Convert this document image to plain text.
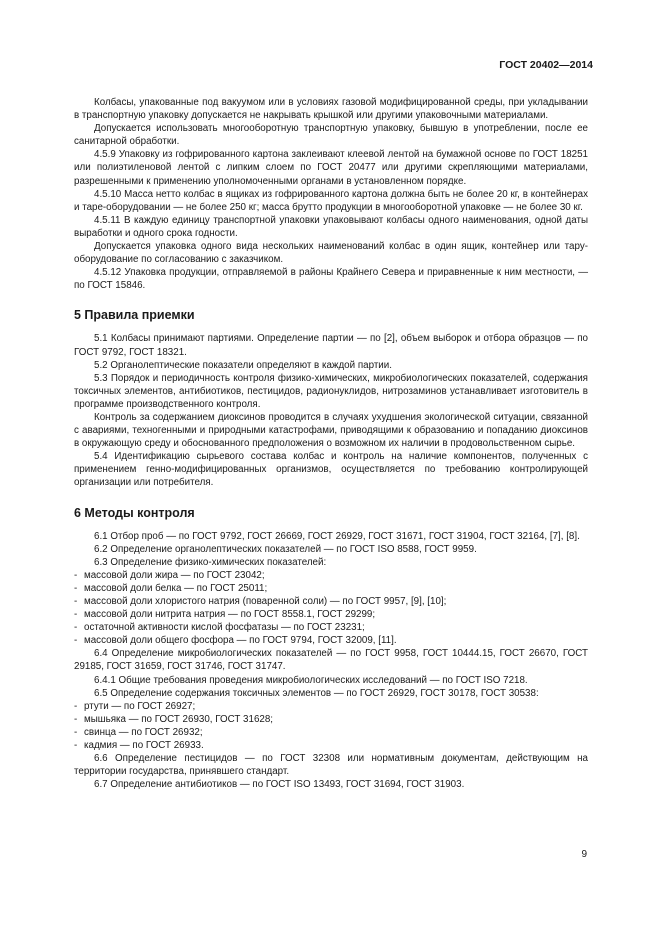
ГОСТ 20402—2014

Колбасы, упакованные под вакуумом или в условиях газовой модифицированной среды, при укладывании в транспортную упаковку допускается не накрывать крышкой или другими упаковочными материалами.

Допускается использовать многооборотную транспортную упаковку, бывшую в употреблении, после ее санитарной обработки.

4.5.9 Упаковку из гофрированного картона заклеивают клеевой лентой на бумажной основе по ГОСТ 18251 или полиэтиленовой лентой с липким слоем по ГОСТ 20477 или другими скрепляющими материалами, разрешенными к применению уполномоченными органами в установленном порядке.

4.5.10 Масса нетто колбас в ящиках из гофрированного картона должна быть не более 20 кг, в контейнерах и таре-оборудовании — не более 250 кг; масса брутто продукции в многооборотной упаковке — не более 30 кг.

4.5.11 В каждую единицу транспортной упаковки упаковывают колбасы одного наименования, одной даты выработки и одного срока годности.

Допускается упаковка одного вида нескольких наименований колбас в один ящик, контейнер или тару-оборудование по согласованию с заказчиком.

4.5.12 Упаковка продукции, отправляемой в районы Крайнего Севера и приравненные к ним местности, — по ГОСТ 15846.

5 Правила приемки

5.1 Колбасы принимают партиями. Определение партии — по [2], объем выборок и отбора образцов — по ГОСТ 9792, ГОСТ 18321.

5.2 Органолептические показатели определяют в каждой партии.

5.3 Порядок и периодичность контроля физико-химических, микробиологических показателей, содержания токсичных элементов, антибиотиков, пестицидов, радионуклидов, нитрозаминов устанавливает изготовитель в программе производственного контроля.

Контроль за содержанием диоксинов проводится в случаях ухудшения экологической ситуации, связанной с авариями, техногенными и природными катастрофами, приводящими к образованию и попаданию диоксинов в окружающую среду и обоснованного предположения о возможном их наличии в продовольственном сырье.

5.4 Идентификацию сырьевого состава колбас и контроль на наличие компонентов, полученных с применением генно-модифицированных организмов, осуществляется по требованию контролирующей организации или потребителя.

6 Методы контроля

6.1 Отбор проб — по ГОСТ 9792, ГОСТ 26669, ГОСТ 26929, ГОСТ 31671, ГОСТ 31904, ГОСТ 32164, [7], [8].

6.2 Определение органолептических показателей — по ГОСТ ISO 8588, ГОСТ 9959.

6.3 Определение физико-химических показателей:

- массовой доли жира — по ГОСТ 23042;

- массовой доли белка — по ГОСТ 25011;

- массовой доли хлористого натрия (поваренной соли) — по ГОСТ 9957, [9], [10];

- массовой доли нитрита натрия — по ГОСТ 8558.1, ГОСТ 29299;

- остаточной активности кислой фосфатазы — по ГОСТ 23231;

- массовой доли общего фосфора — по ГОСТ 9794, ГОСТ 32009, [11].

6.4 Определение микробиологических показателей — по ГОСТ 9958, ГОСТ 10444.15, ГОСТ 26670, ГОСТ 29185, ГОСТ 31659, ГОСТ 31746, ГОСТ 31747.

6.4.1 Общие требования проведения микробиологических исследований — по ГОСТ ISO 7218.

6.5 Определение содержания токсичных элементов — по ГОСТ 26929, ГОСТ 30178, ГОСТ 30538:

- ртути — по ГОСТ 26927;

- мышьяка — по ГОСТ 26930, ГОСТ 31628;

- свинца — по ГОСТ 26932;

- кадмия — по ГОСТ 26933.

6.6 Определение пестицидов — по ГОСТ 32308 или нормативным документам, действующим на территории государства, принявшего стандарт.

6.7 Определение антибиотиков — по ГОСТ ISO 13493, ГОСТ 31694, ГОСТ 31903.

9
